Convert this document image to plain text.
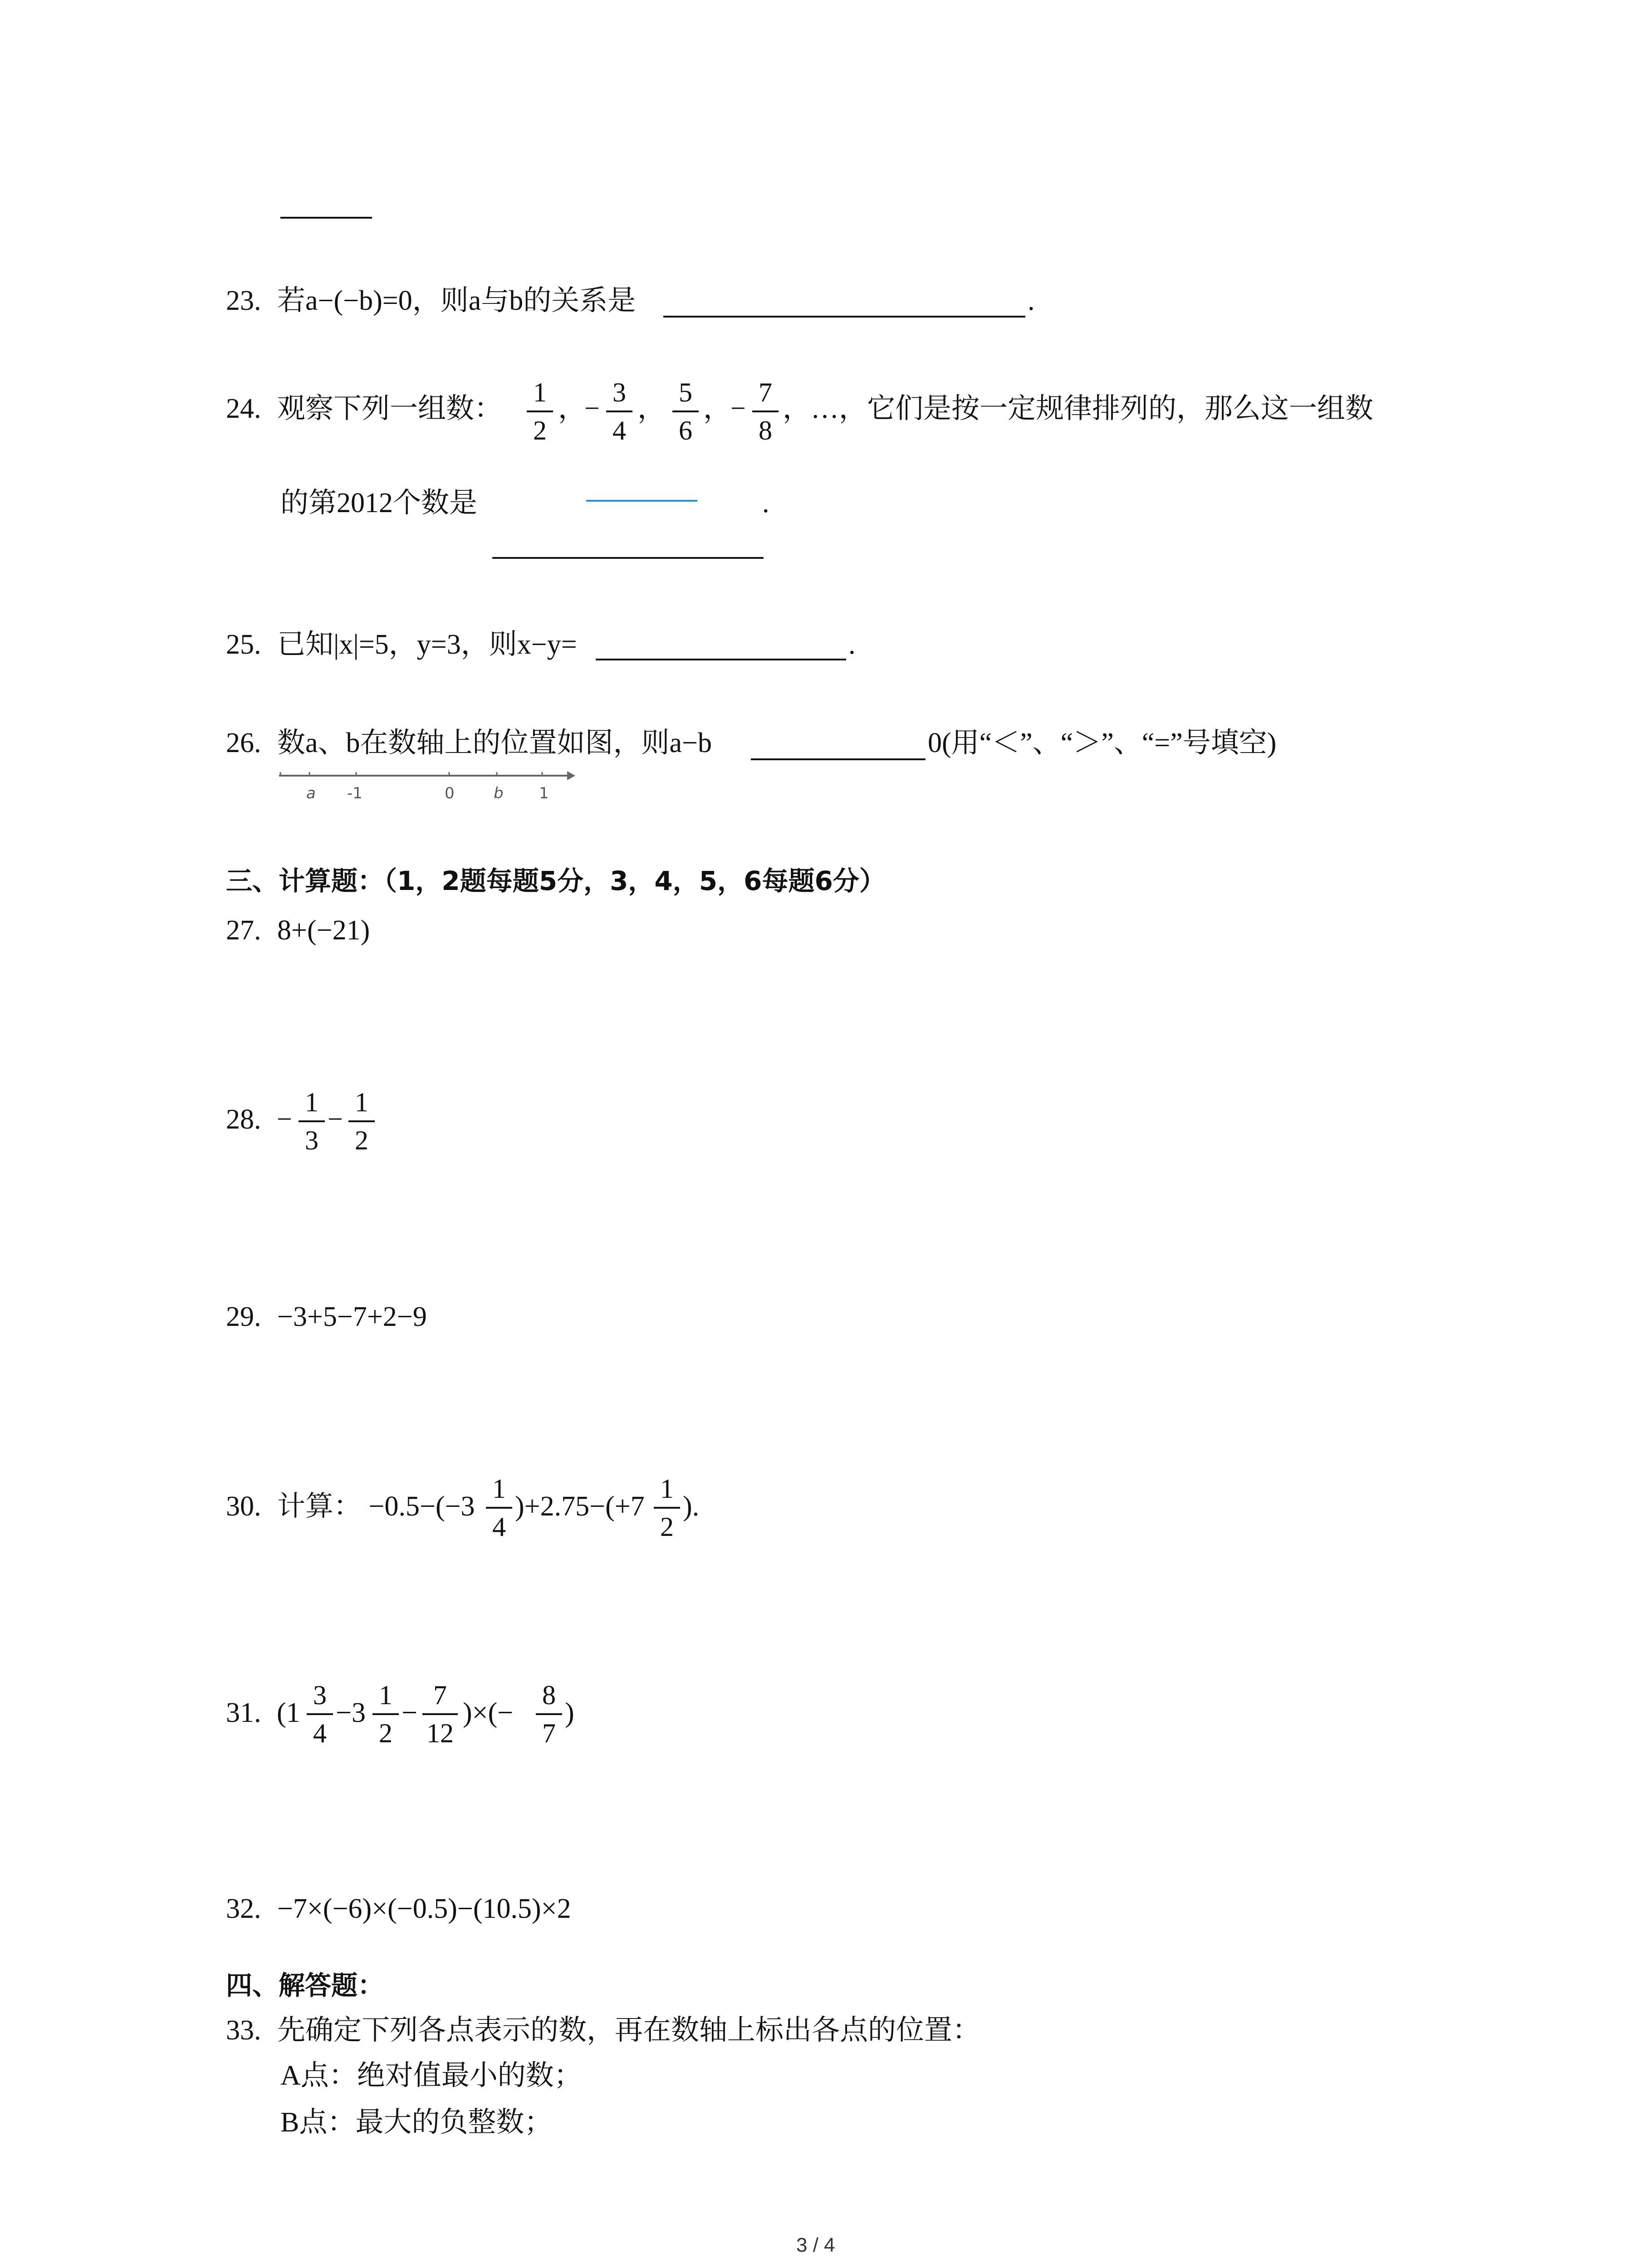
23. 若a−(−b)=0，则a与b的关系是	.
24. 观察下列一组数：
1
2
，
−
3
4
，
5
6
，
−
7
8
，…，它们是按一定规律排列的，那么这一组数
的第2012个数是	.
25. 已知|x|=5，y=3，则x−y=	.
26. 数a、b在数轴上的位置如图，则a−b	0(用“＜”、“＞”、“=”号填空)
a -1	0	b 1
三、计算题：（1，2题每题5分，3，4，5，6每题6分）
27. 8+(−21)
28. −
1
3
−
1
2
29. −3+5−7+2−9
30. 计算： −0.5−(−3
1
4
)+2.75−(+7
1
2
).
31. (1
3
4
−3
1
2
−
7
12
)×(−
8
7
)
32. −7×(−6)×(−0.5)−(10.5)×2
四、解答题：
33. 先确定下列各点表示的数，再在数轴上标出各点的位置：
A点：绝对值最小的数；
B点：最大的负整数；
3 / 4
